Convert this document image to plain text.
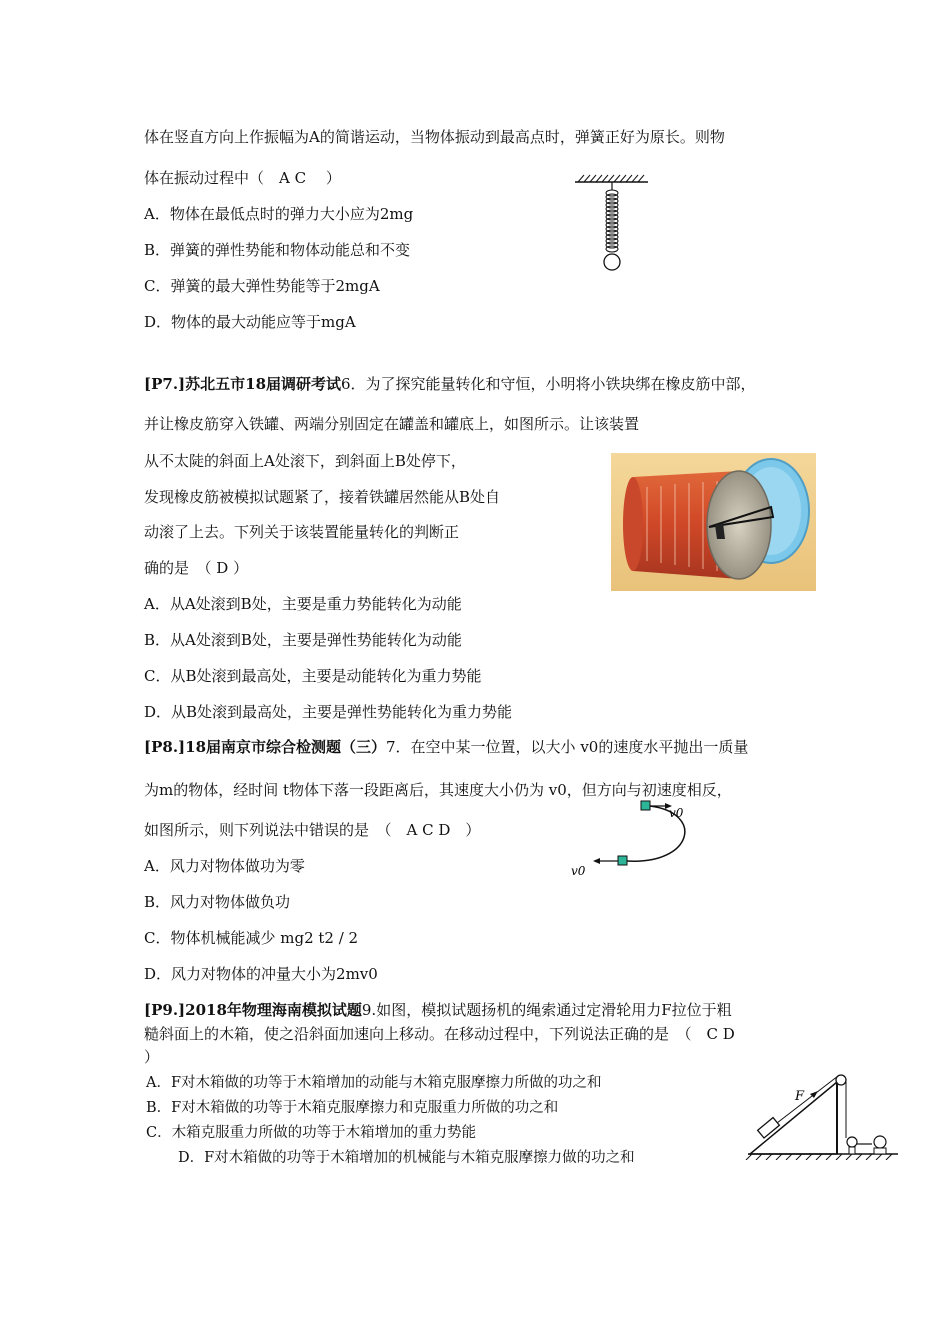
体在竖直方向上作振幅为A的简谐运动，当物体振动到最高点时，弹簧正好为原长。则物
体在振动过程中（　A C　 ）
A．物体在最低点时的弹力大小应为2mg
B．弹簧的弹性势能和物体动能总和不变
C．弹簧的最大弹性势能等于2mgA
D．物体的最大动能应等于mgA
[P7.]苏北五市18届调研考试6．为了探究能量转化和守恒，小明将小铁块绑在橡皮筋中部，
并让橡皮筋穿入铁罐、两端分别固定在罐盖和罐底上，如图所示。让该装置
从不太陡的斜面上A处滚下，到斜面上B处停下，
发现橡皮筋被模拟试题紧了，接着铁罐居然能从B处自
动滚了上去。下列关于该装置能量转化的判断正
确的是　（ D ）
A．从A处滚到B处，主要是重力势能转化为动能
B．从A处滚到B处，主要是弹性势能转化为动能
C．从B处滚到最高处，主要是动能转化为重力势能
D．从B处滚到最高处，主要是弹性势能转化为重力势能
[P8.]18届南京市综合检测题（三）7．在空中某一位置，以大小 v0的速度水平抛出一质量
为m的物体，经时间 t物体下落一段距离后，其速度大小仍为 v0，但方向与初速度相反，
如图所示，则下列说法中错误的是　（　A C D　）
A．风力对物体做功为零
B．风力对物体做负功
C．物体机械能减少 mg2 t2 / 2
D．风力对物体的冲量大小为2mv0
v0
v0
[P9.]2018年物理海南模拟试题9.如图，模拟试题扬机的绳索通过定滑轮用力F拉位于粗
糙斜面上的木箱，使之沿斜面加速向上移动。在移动过程中，下列说法正确的是　（　C D
）
A．F对木箱做的功等于木箱增加的动能与木箱克服摩擦力所做的功之和
B．F对木箱做的功等于木箱克服摩擦力和克服重力所做的功之和
C．木箱克服重力所做的功等于木箱增加的重力势能
D．F对木箱做的功等于木箱增加的机械能与木箱克服摩擦力做的功之和
F
